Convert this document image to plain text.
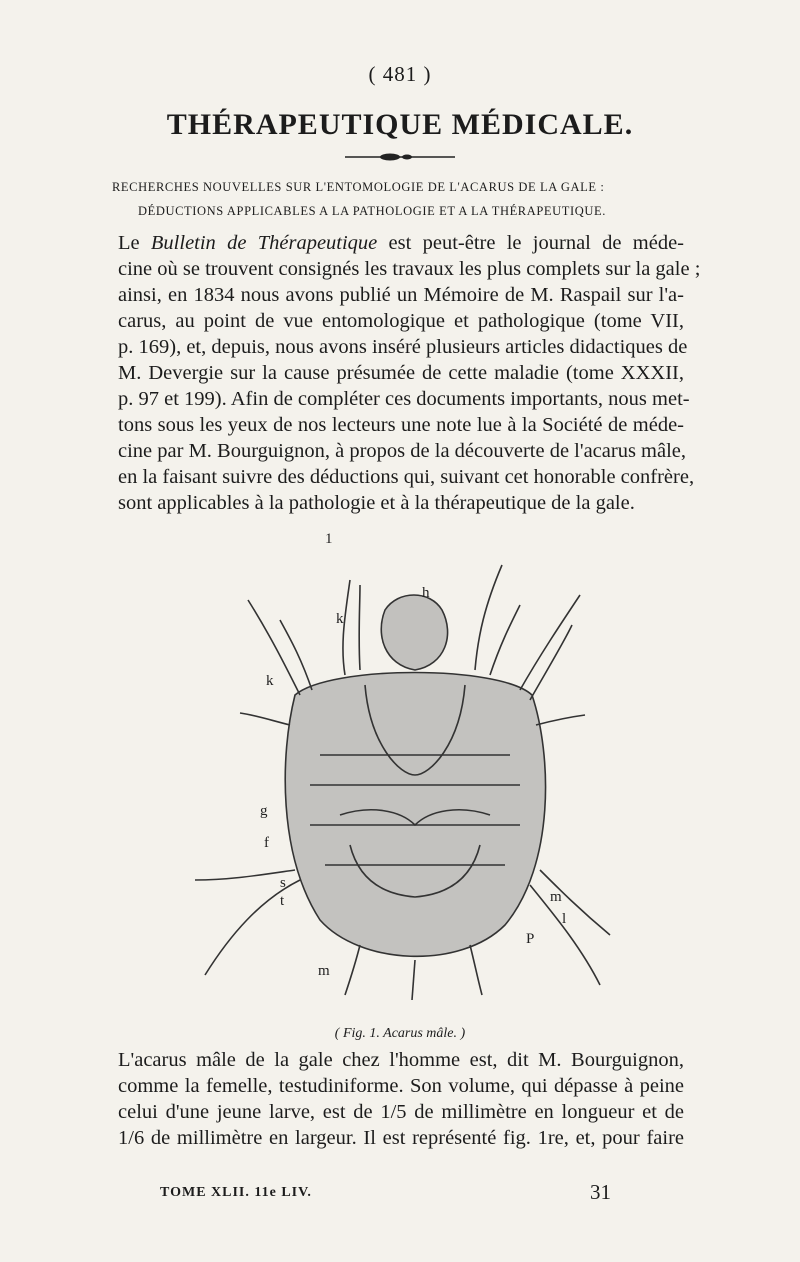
( 481 )
THÉRAPEUTIQUE MÉDICALE.
RECHERCHES NOUVELLES SUR L'ENTOMOLOGIE DE L'ACARUS DE LA GALE :
DÉDUCTIONS APPLICABLES A LA PATHOLOGIE ET A LA THÉRAPEUTIQUE.
Le Bulletin de Thérapeutique est peut-être le journal de méde-
cine où se trouvent consignés les travaux les plus complets sur la gale ;
ainsi, en 1834 nous avons publié un Mémoire de M. Raspail sur l'a-
carus, au point de vue entomologique et pathologique (tome VII,
p. 169), et, depuis, nous avons inséré plusieurs articles didactiques de
M. Devergie sur la cause présumée de cette maladie (tome XXXII,
p. 97 et 199). Afin de compléter ces documents importants, nous met-
tons sous les yeux de nos lecteurs une note lue à la Société de méde-
cine par M. Bourguignon, à propos de la découverte de l'acarus mâle,
en la faisant suivre des déductions qui, suivant cet honorable confrère,
sont applicables à la pathologie et à la thérapeutique de la gale.
1
h
k
k
g
f
s
t	m
l
P
m
( Fig. 1. Acarus mâle. )
L'acarus mâle de la gale chez l'homme est, dit M. Bourguignon,
comme la femelle, testudiniforme. Son volume, qui dépasse à peine
celui d'une jeune larve, est de 1/5 de millimètre en longueur et de
1/6 de millimètre en largeur. Il est représenté fig. 1re, et, pour faire
TOME XLII. 11e LIV.	31
